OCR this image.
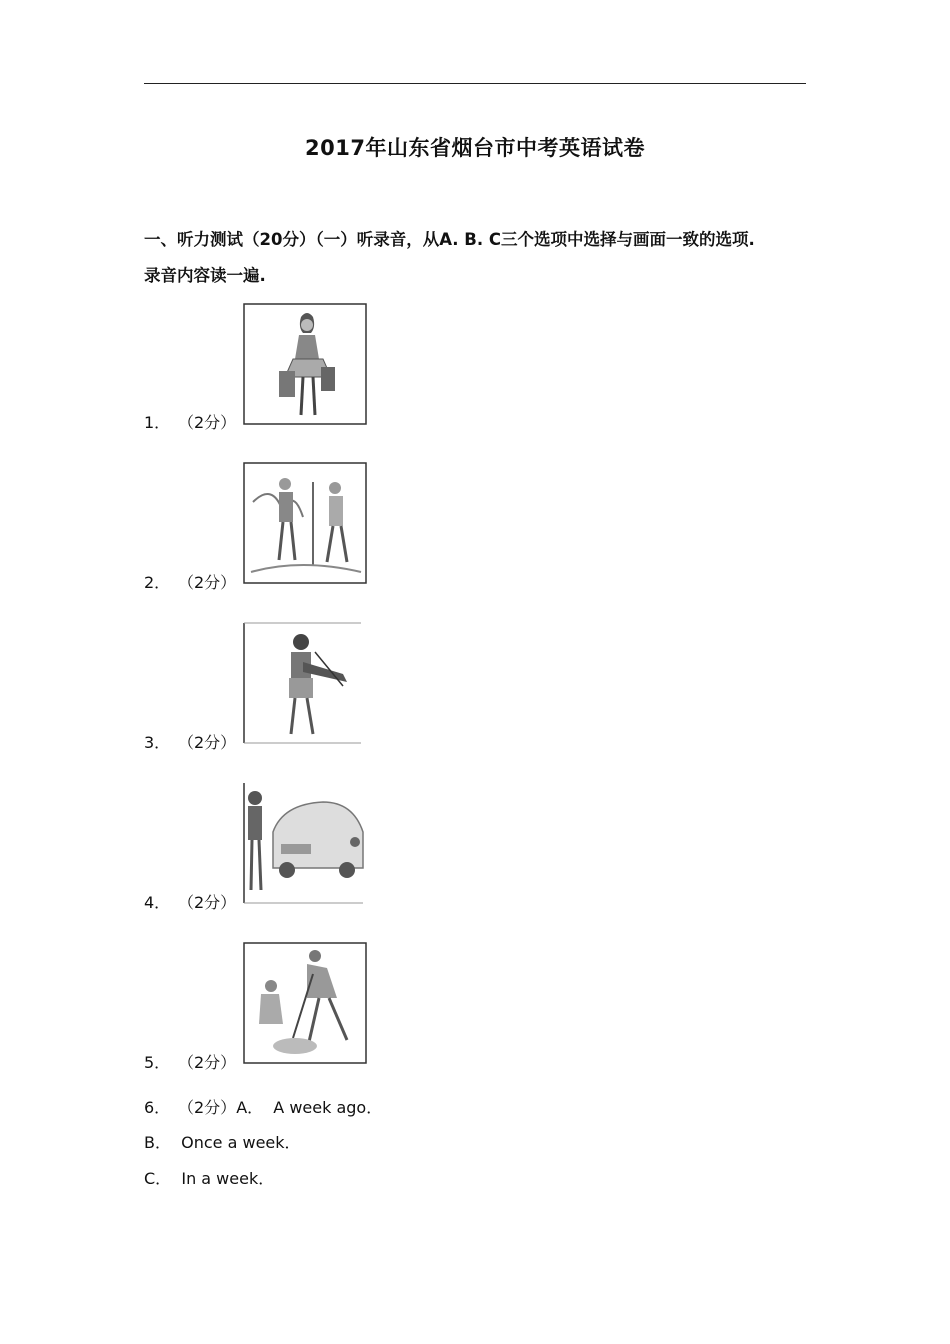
2017年山东省烟台市中考英语试卷
一、听力测试（20分）（一）听录音，从A. B. C三个选项中选择与画面一致的选项.
录音内容读一遍.
1． （2分）
2． （2分）
3． （2分）
4． （2分）
5． （2分）
6． （2分）A．  A week ago．
B．  Once a week．
C．  In a week．
